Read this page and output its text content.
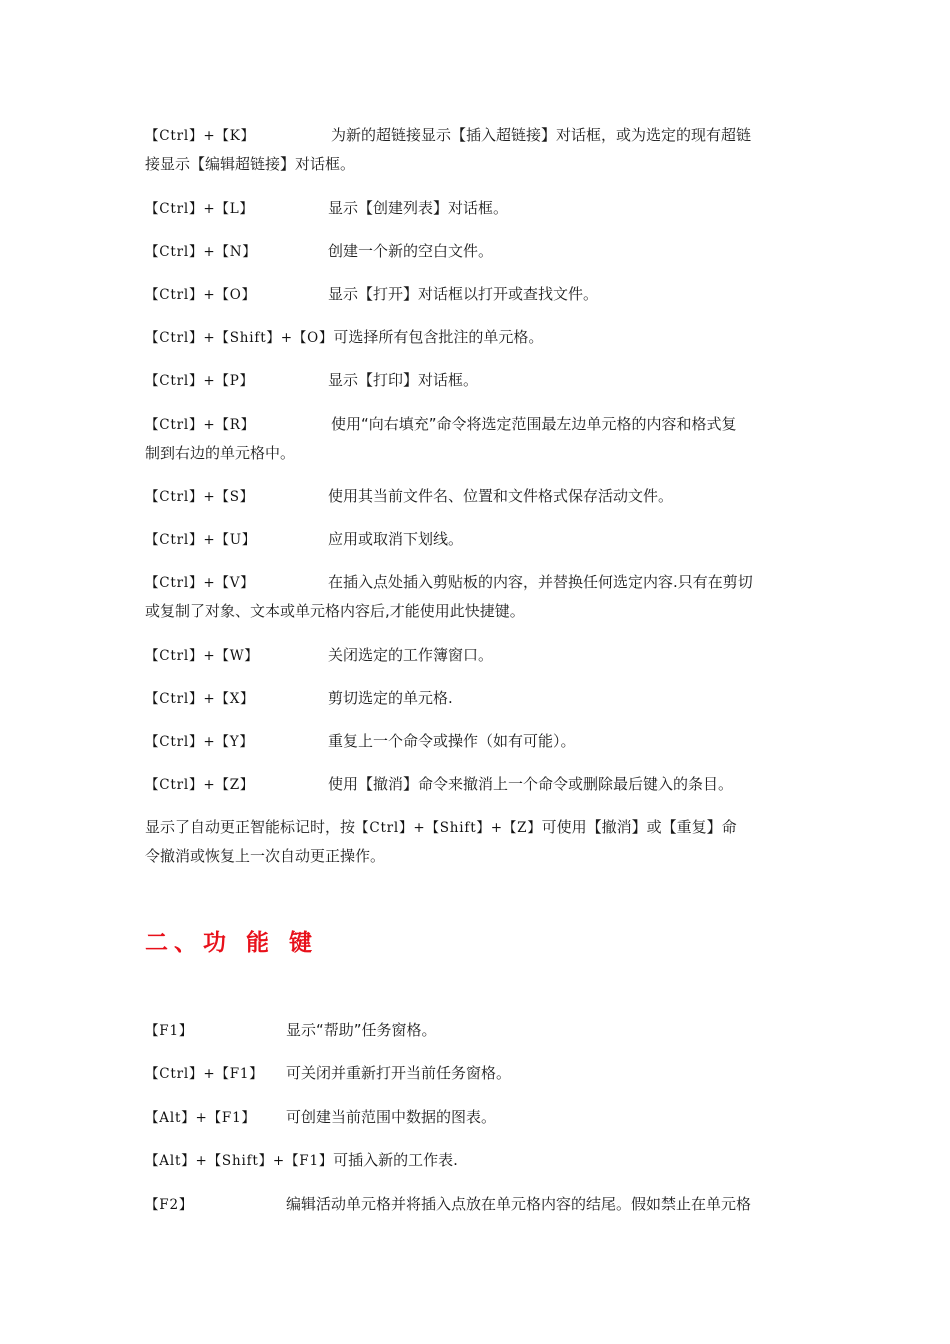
【Ctrl】+【K】	为新的超链接显示【插入超链接】对话框，或为选定的现有超链
接显示【编辑超链接】对话框。
【Ctrl】+【L】	显示【创建列表】对话框。
【Ctrl】+【N】	创建一个新的空白文件。
【Ctrl】+【O】	显示【打开】对话框以打开或查找文件。
【Ctrl】+【Shift】+【O】可选择所有包含批注的单元格。
【Ctrl】+【P】	显示【打印】对话框。
【Ctrl】+【R】	使用“向右填充”命令将选定范围最左边单元格的内容和格式复
制到右边的单元格中。
【Ctrl】+【S】	使用其当前文件名、位置和文件格式保存活动文件。
【Ctrl】+【U】	应用或取消下划线。
【Ctrl】+【V】	在插入点处插入剪贴板的内容，并替换任何选定内容.只有在剪切
或复制了对象、文本或单元格内容后,才能使用此快捷键。
【Ctrl】+【W】	关闭选定的工作簿窗口。
【Ctrl】+【X】	剪切选定的单元格.
【Ctrl】+【Y】	重复上一个命令或操作（如有可能）。
【Ctrl】+【Z】	使用【撤消】命令来撤消上一个命令或删除最后键入的条目。
显示了自动更正智能标记时，按【Ctrl】+【Shift】+【Z】可使用【撤消】或【重复】命
令撤消或恢复上一次自动更正操作。
二、功 能 键
【F1】	显示“帮助”任务窗格。
【Ctrl】+【F1】 可关闭并重新打开当前任务窗格。
【Alt】+【F1】 可创建当前范围中数据的图表。
【Alt】+【Shift】+【F1】可插入新的工作表.
【F2】	编辑活动单元格并将插入点放在单元格内容的结尾。假如禁止在单元格
